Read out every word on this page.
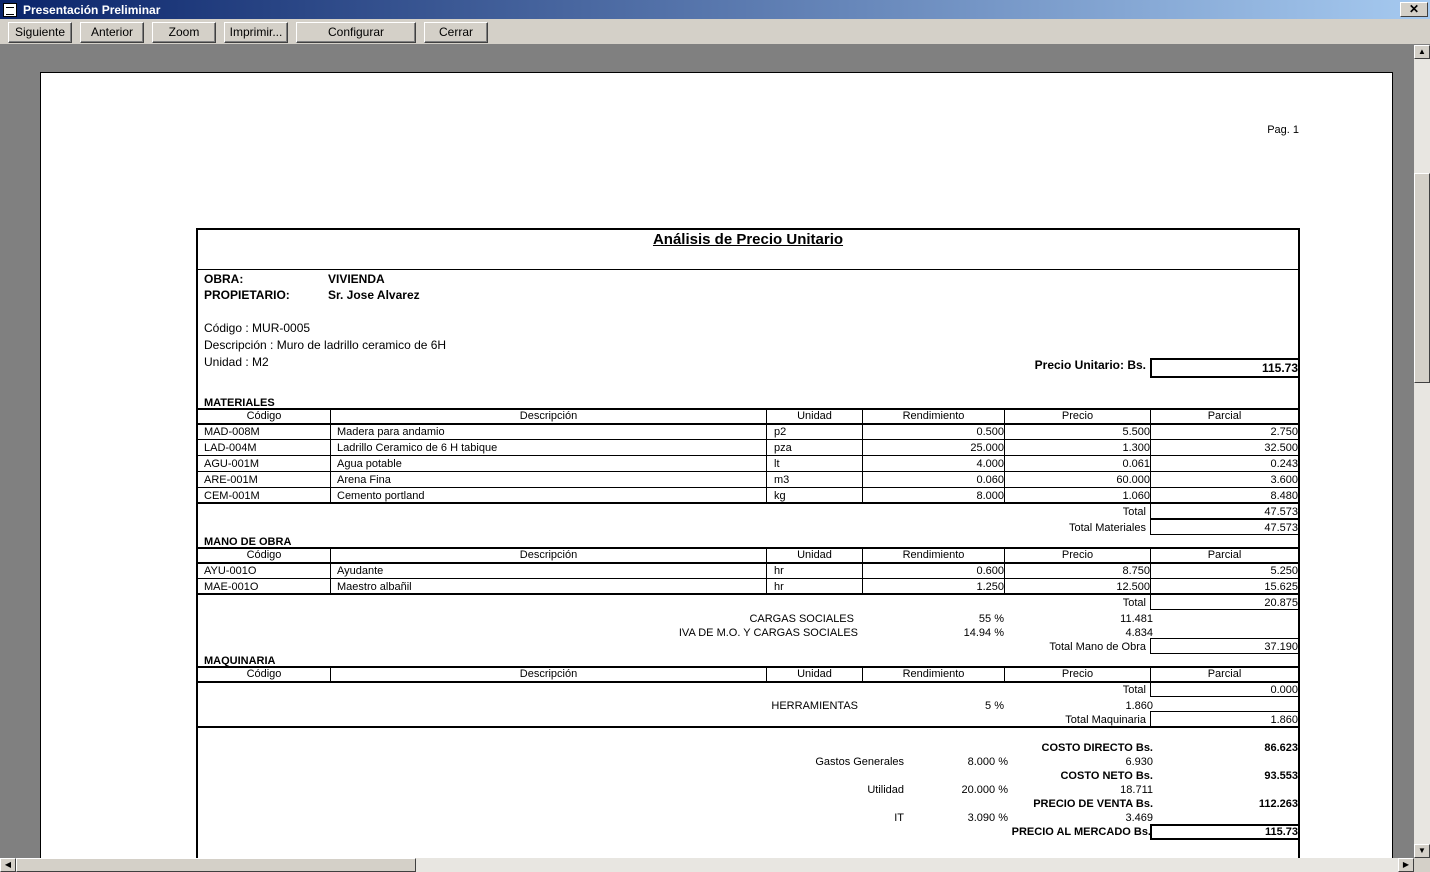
Presentación Preliminar	✕
Siguiente	Anterior	Zoom	Imprimir...	Configurar	Cerrar
Pag. 1
Análisis de Precio Unitario
OBRA:	VIVIENDA
PROPIETARIO:	Sr. Jose Alvarez
Código : MUR-0005
Descripción : Muro de ladrillo ceramico de 6H
Unidad : M2	Precio Unitario: Bs.	115.73
MATERIALES
Código	Descripción	Unidad	Rendimiento	Precio	Parcial
MAD-008M	Madera para andamio	p2	0.500	5.500	2.750
LAD-004M	Ladrillo Ceramico de 6 H tabique	pza	25.000	1.300	32.500
AGU-001M	Agua potable	lt	4.000	0.061	0.243
ARE-001M	Arena Fina	m3	0.060	60.000	3.600
CEM-001M	Cemento portland	kg	8.000	1.060	8.480
Total	47.573
Total Materiales	47.573
MANO DE OBRA
Código	Descripción	Unidad	Rendimiento	Precio	Parcial
AYU-001O	Ayudante	hr	0.600	8.750	5.250
MAE-001O	Maestro albañil	hr	1.250	12.500	15.625
Total	20.875
CARGAS SOCIALES	55 %	11.481
IVA DE M.O. Y CARGAS SOCIALES	14.94 %	4.834
Total Mano de Obra	37.190
MAQUINARIA
Código	Descripción	Unidad	Rendimiento	Precio	Parcial
Total	0.000
HERRAMIENTAS	5 %	1.860
Total Maquinaria	1.860
COSTO DIRECTO Bs.	86.623
Gastos Generales	8.000 %	6.930
COSTO NETO Bs.	93.553
Utilidad	20.000 %	18.711
PRECIO DE VENTA Bs.	112.263
IT	3.090 %	3.469
PRECIO AL MERCADO Bs.	115.73
▲
▼
◀	▶
